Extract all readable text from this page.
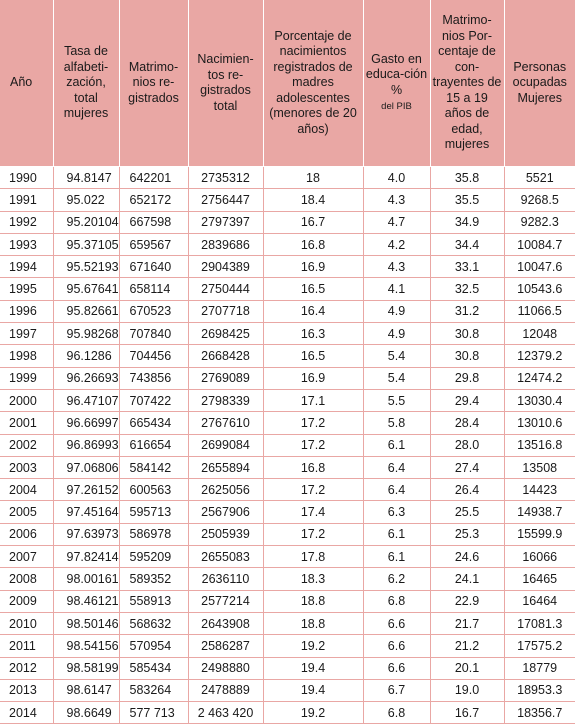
Año	Tasa de alfabeti-zación, total mujeres	Matrimo-nios re-gistrados	Nacimien-tos re-gistrados total	Porcentaje de nacimientos registrados de madres adolescentes (menores de 20 años)	Gasto en educa-ción %
del PIB	Matrimo-nios Por-centaje de con-trayentes de 15 a 19 años de edad, mujeres	Personas ocupadas Mujeres
1990	94.8147	642201	2735312	18	4.0	35.8	5521
1991	95.022	652172	2756447	18.4	4.3	35.5	9268.5
1992	95.20104	667598	2797397	16.7	4.7	34.9	9282.3
1993	95.37105	659567	2839686	16.8	4.2	34.4	10084.7
1994	95.52193	671640	2904389	16.9	4.3	33.1	10047.6
1995	95.67641	658114	2750444	16.5	4.1	32.5	10543.6
1996	95.82661	670523	2707718	16.4	4.9	31.2	11066.5
1997	95.98268	707840	2698425	16.3	4.9	30.8	12048
1998	96.1286	704456	2668428	16.5	5.4	30.8	12379.2
1999	96.26693	743856	2769089	16.9	5.4	29.8	12474.2
2000	96.47107	707422	2798339	17.1	5.5	29.4	13030.4
2001	96.66997	665434	2767610	17.2	5.8	28.4	13010.6
2002	96.86993	616654	2699084	17.2	6.1	28.0	13516.8
2003	97.06806	584142	2655894	16.8	6.4	27.4	13508
2004	97.26152	600563	2625056	17.2	6.4	26.4	14423
2005	97.45164	595713	2567906	17.4	6.3	25.5	14938.7
2006	97.63973	586978	2505939	17.2	6.1	25.3	15599.9
2007	97.82414	595209	2655083	17.8	6.1	24.6	16066
2008	98.00161	589352	2636110	18.3	6.2	24.1	16465
2009	98.46121	558913	2577214	18.8	6.8	22.9	16464
2010	98.50146	568632	2643908	18.8	6.6	21.7	17081.3
2011	98.54156	570954	2586287	19.2	6.6	21.2	17575.2
2012	98.58199	585434	2498880	19.4	6.6	20.1	18779
2013	98.6147	583264	2478889	19.4	6.7	19.0	18953.3
2014	98.6649	577 713	2 463 420	19.2	6.8	16.7	18356.7
